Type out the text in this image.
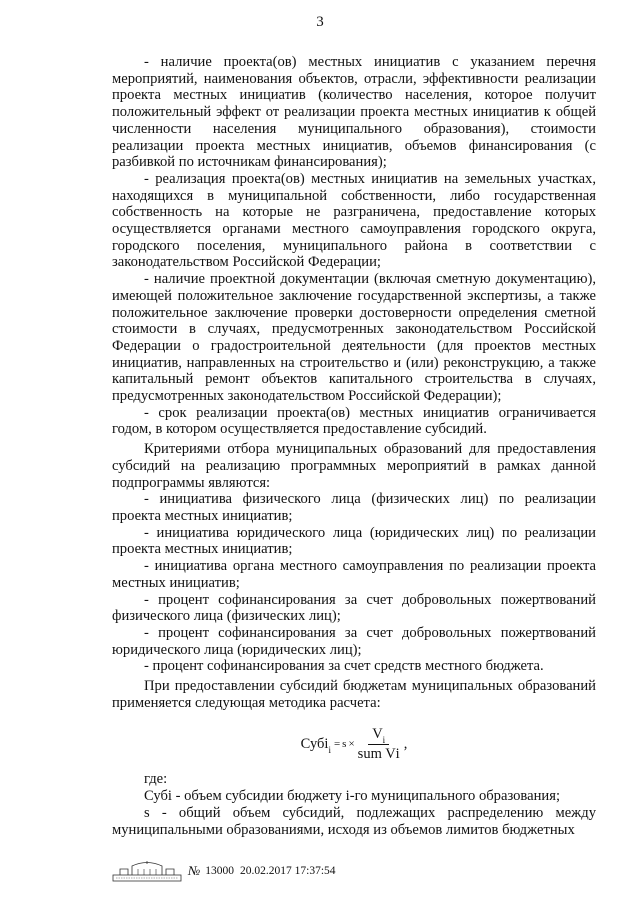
3

- наличие проекта(ов) местных инициатив с указанием перечня мероприятий, наименования объектов, отрасли, эффективности реализации проекта местных инициатив (количество населения, которое получит положительный эффект от реализации проекта местных инициатив к общей численности населения муниципального образования), стоимости реализации проекта местных инициатив, объемов финансирования (с разбивкой по источникам финансирования);

- реализация проекта(ов) местных инициатив на земельных участках, находящихся в муниципальной собственности, либо государственная собственность на которые не разграничена, предоставление которых осуществляется органами местного самоуправления городского округа, городского поселения, муниципального района в соответствии с законодательством Российской Федерации;

- наличие проектной документации (включая сметную документацию), имеющей положительное заключение государственной экспертизы, а также положительное заключение проверки достоверности определения сметной стоимости в случаях, предусмотренных законодательством Российской Федерации о градостроительной деятельности (для проектов местных инициатив, направленных на строительство и (или) реконструкцию, а также капитальный ремонт объектов капитального строительства в случаях, предусмотренных законодательством Российской Федерации);

- срок реализации проекта(ов) местных инициатив ограничивается годом, в котором осуществляется предоставление субсидий.

Критериями отбора муниципальных образований для предоставления субсидий на реализацию программных мероприятий в рамках данной подпрограммы являются:

- инициатива физического лица (физических лиц) по реализации проекта местных инициатив;

- инициатива юридического лица (юридических лиц) по реализации проекта местных инициатив;

- инициатива органа местного самоуправления по реализации проекта местных инициатив;

- процент софинансирования за счет добровольных пожертвований физического лица (физических лиц);

- процент софинансирования за счет добровольных пожертвований юридического лица (юридических лиц);

- процент софинансирования за счет средств местного бюджета.

При предоставлении субсидий бюджетам муниципальных образований применяется следующая методика расчета:

Субі$_і$ = $s \times \frac{V_і}{\text{sum Vі}}$ ,

где:

Субі - объем субсидии бюджету і-го муниципального образования;

s - общий объем субсидий, подлежащих распределению между муниципальными образованиями, исходя из объемов лимитов бюджетных

№ 13000 20.02.2017 17:37:54
